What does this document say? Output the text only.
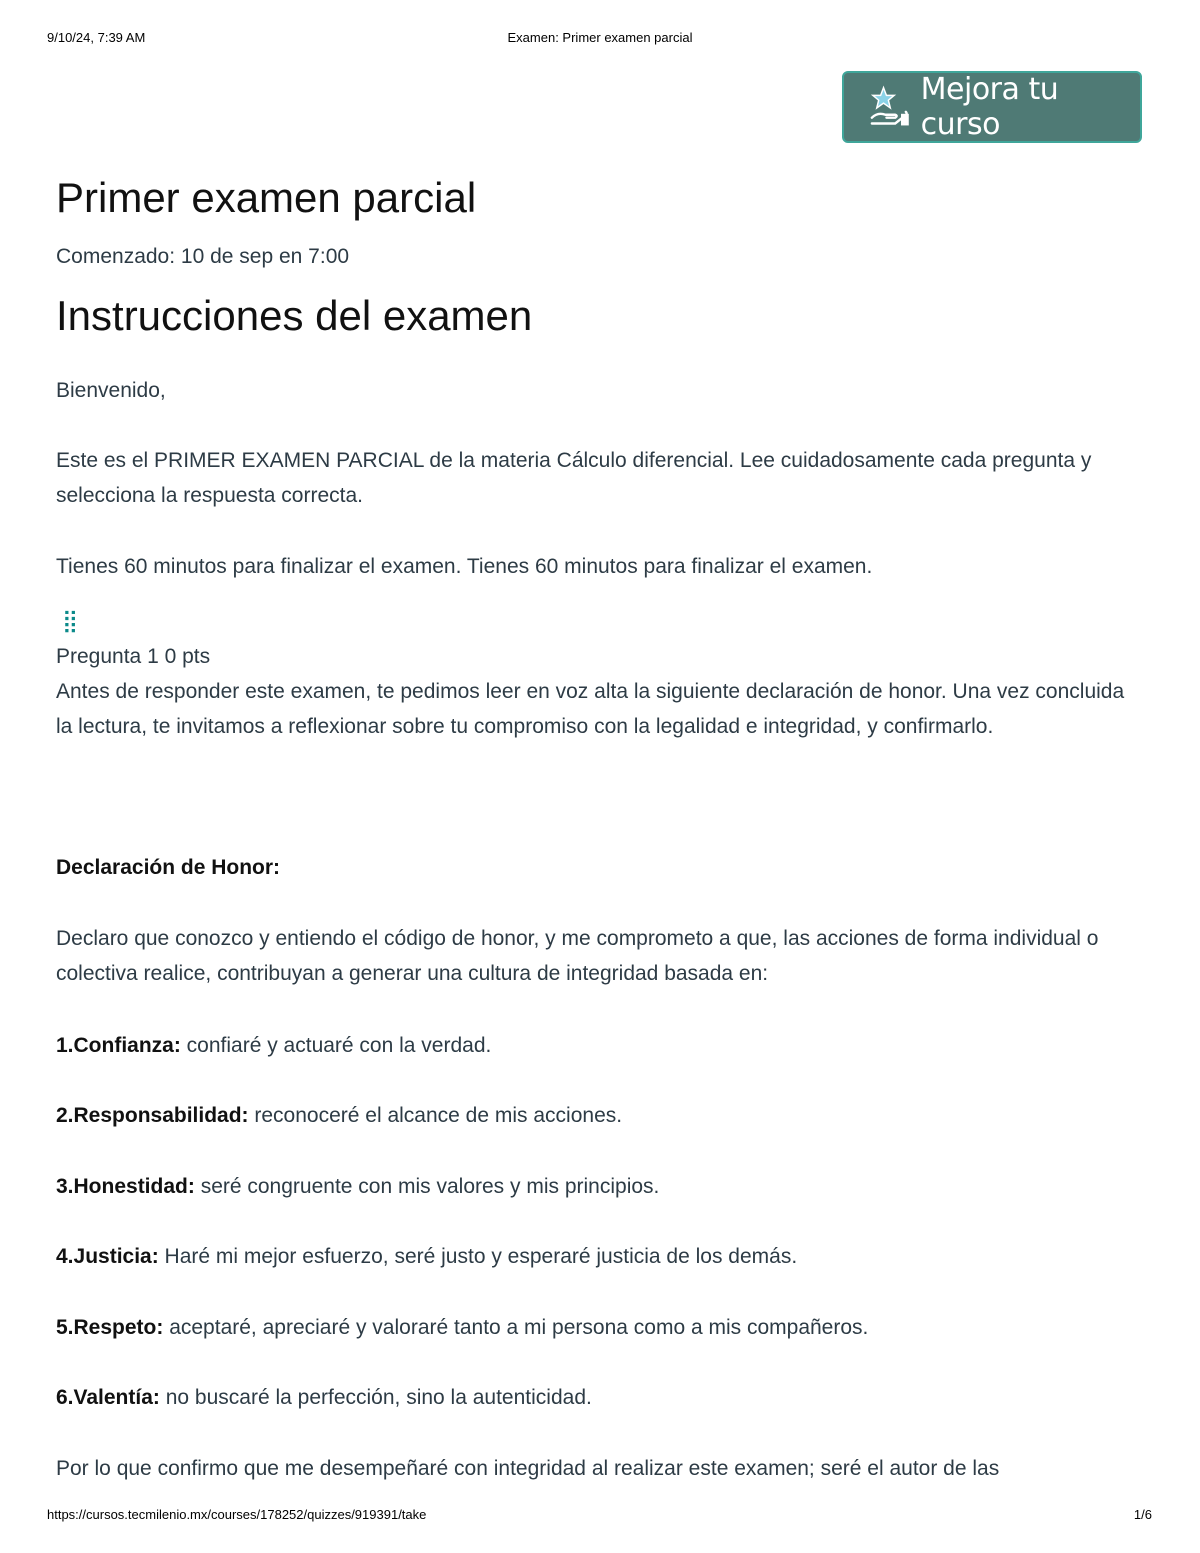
9/10/24, 7:39 AM	Examen: Primer examen parcial
Mejora tu curso
Primer examen parcial
Comenzado: 10 de sep en 7:00
Instrucciones del examen

Bienvenido,

Este es el PRIMER EXAMEN PARCIAL de la materia Cálculo diferencial. Lee cuidadosamente cada pregunta y selecciona la respuesta correcta.

Tienes 60 minutos para finalizar el examen. Tienes 60 minutos para finalizar el examen.

⣿

Pregunta 1 0 pts

Antes de responder este examen, te pedimos leer en voz alta la siguiente declaración de honor. Una vez concluida la lectura, te invitamos a reflexionar sobre tu compromiso con la legalidad e integridad, y confirmarlo.

Declaración de Honor:

Declaro que conozco y entiendo el código de honor, y me comprometo a que, las acciones de forma individual o colectiva realice, contribuyan a generar una cultura de integridad basada en:

1.Confianza: confiaré y actuaré con la verdad.

2.Responsabilidad: reconoceré el alcance de mis acciones.

3.Honestidad: seré congruente con mis valores y mis principios.

4.Justicia: Haré mi mejor esfuerzo, seré justo y esperaré justicia de los demás.

5.Respeto: aceptaré, apreciaré y valoraré tanto a mi persona como a mis compañeros.

6.Valentía: no buscaré la perfección, sino la autenticidad.

Por lo que confirmo que me desempeñaré con integridad al realizar este examen; seré el autor de las

https://cursos.tecmilenio.mx/courses/178252/quizzes/919391/take	1/6
